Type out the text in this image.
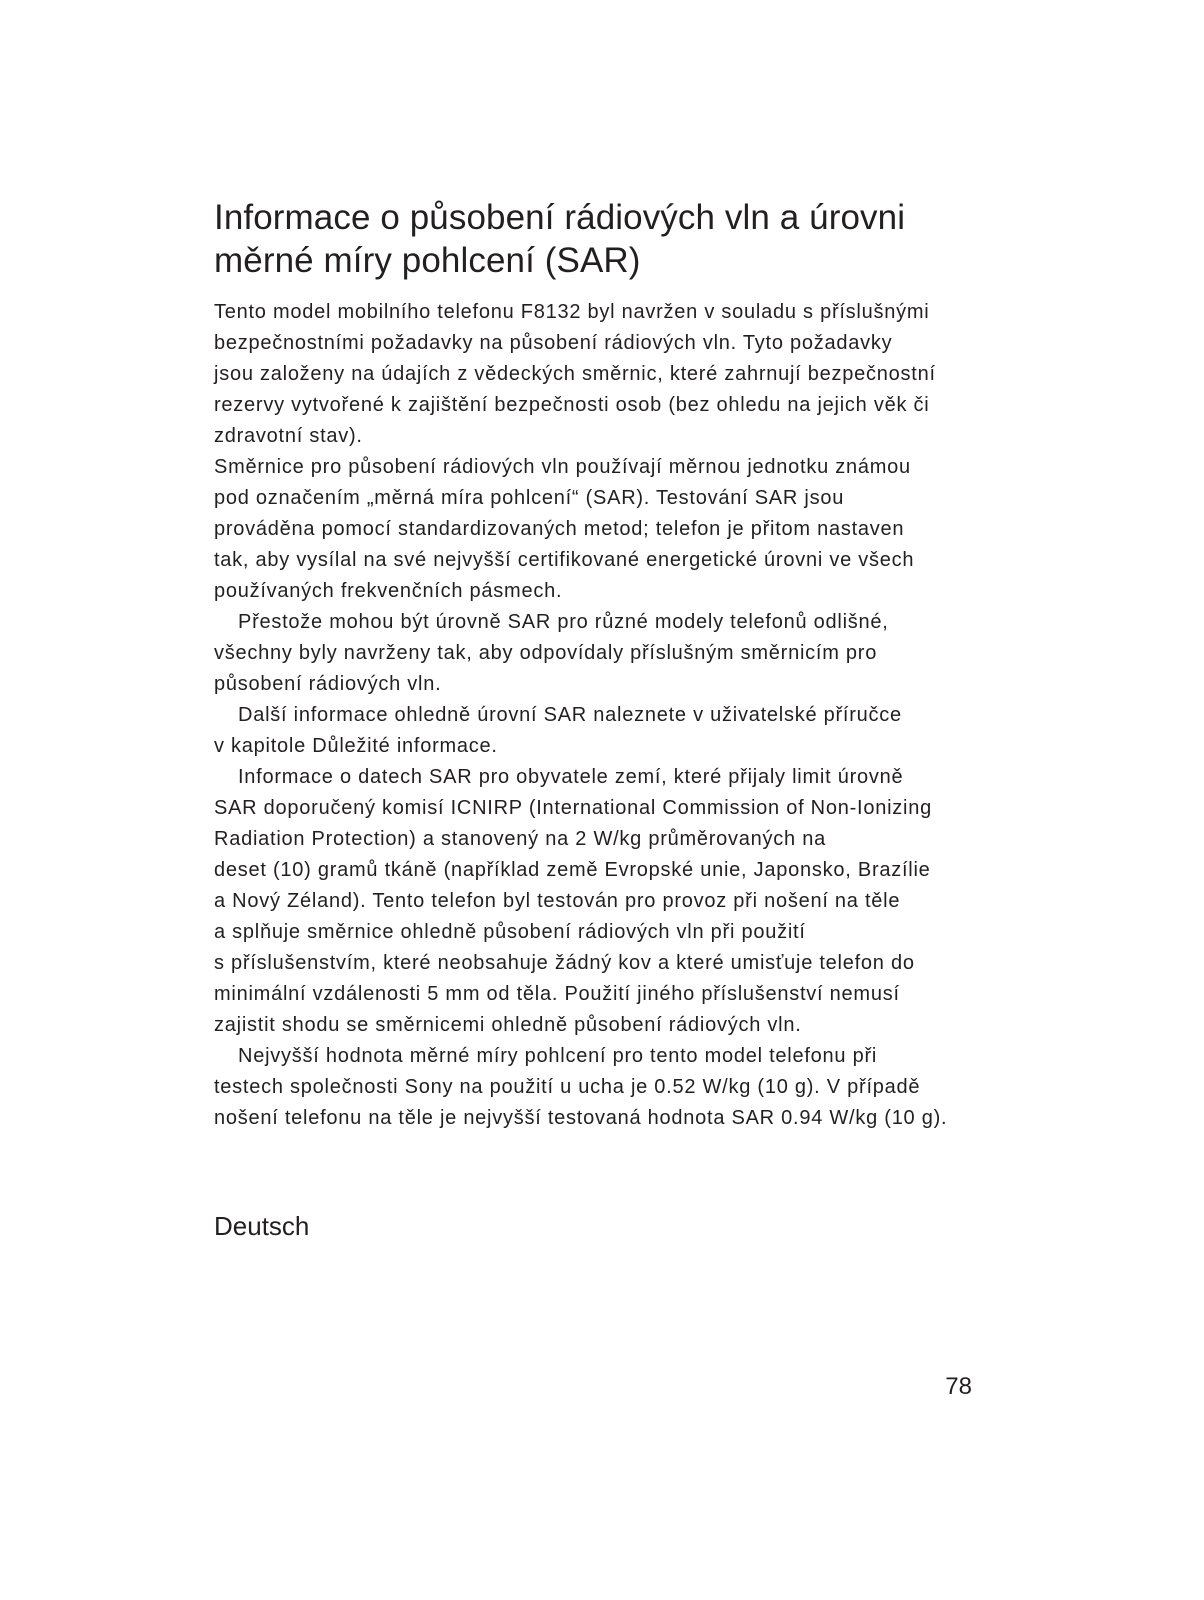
Informace o působení rádiových vln a úrovni
měrné míry pohlcení (SAR)
Tento model mobilního telefonu F8132 byl navržen v souladu s příslušnými
bezpečnostními požadavky na působení rádiových vln. Tyto požadavky
jsou založeny na údajích z vědeckých směrnic, které zahrnují bezpečnostní
rezervy vytvořené k zajištění bezpečnosti osob (bez ohledu na jejich věk či
zdravotní stav).
Směrnice pro působení rádiových vln používají měrnou jednotku známou
pod označením „měrná míra pohlcení“ (SAR). Testování SAR jsou
prováděna pomocí standardizovaných metod; telefon je přitom nastaven
tak, aby vysílal na své nejvyšší certifikované energetické úrovni ve všech
používaných frekvenčních pásmech.
Přestože mohou být úrovně SAR pro různé modely telefonů odlišné,
všechny byly navrženy tak, aby odpovídaly příslušným směrnicím pro
působení rádiových vln.
Další informace ohledně úrovní SAR naleznete v uživatelské příručce
v kapitole Důležité informace.
Informace o datech SAR pro obyvatele zemí, které přijaly limit úrovně
SAR doporučený komisí ICNIRP (International Commission of Non-Ionizing
Radiation Protection) a stanovený na 2 W/kg průměrovaných na
deset (10) gramů tkáně (například země Evropské unie, Japonsko, Brazílie
a Nový Zéland). Tento telefon byl testován pro provoz při nošení na těle
a splňuje směrnice ohledně působení rádiových vln při použití
s příslušenstvím, které neobsahuje žádný kov a které umisťuje telefon do
minimální vzdálenosti 5 mm od těla. Použití jiného příslušenství nemusí
zajistit shodu se směrnicemi ohledně působení rádiových vln.
Nejvyšší hodnota měrné míry pohlcení pro tento model telefonu při
testech společnosti Sony na použití u ucha je 0.52 W/kg (10 g). V případě
nošení telefonu na těle je nejvyšší testovaná hodnota SAR 0.94 W/kg (10 g).
Deutsch
78
